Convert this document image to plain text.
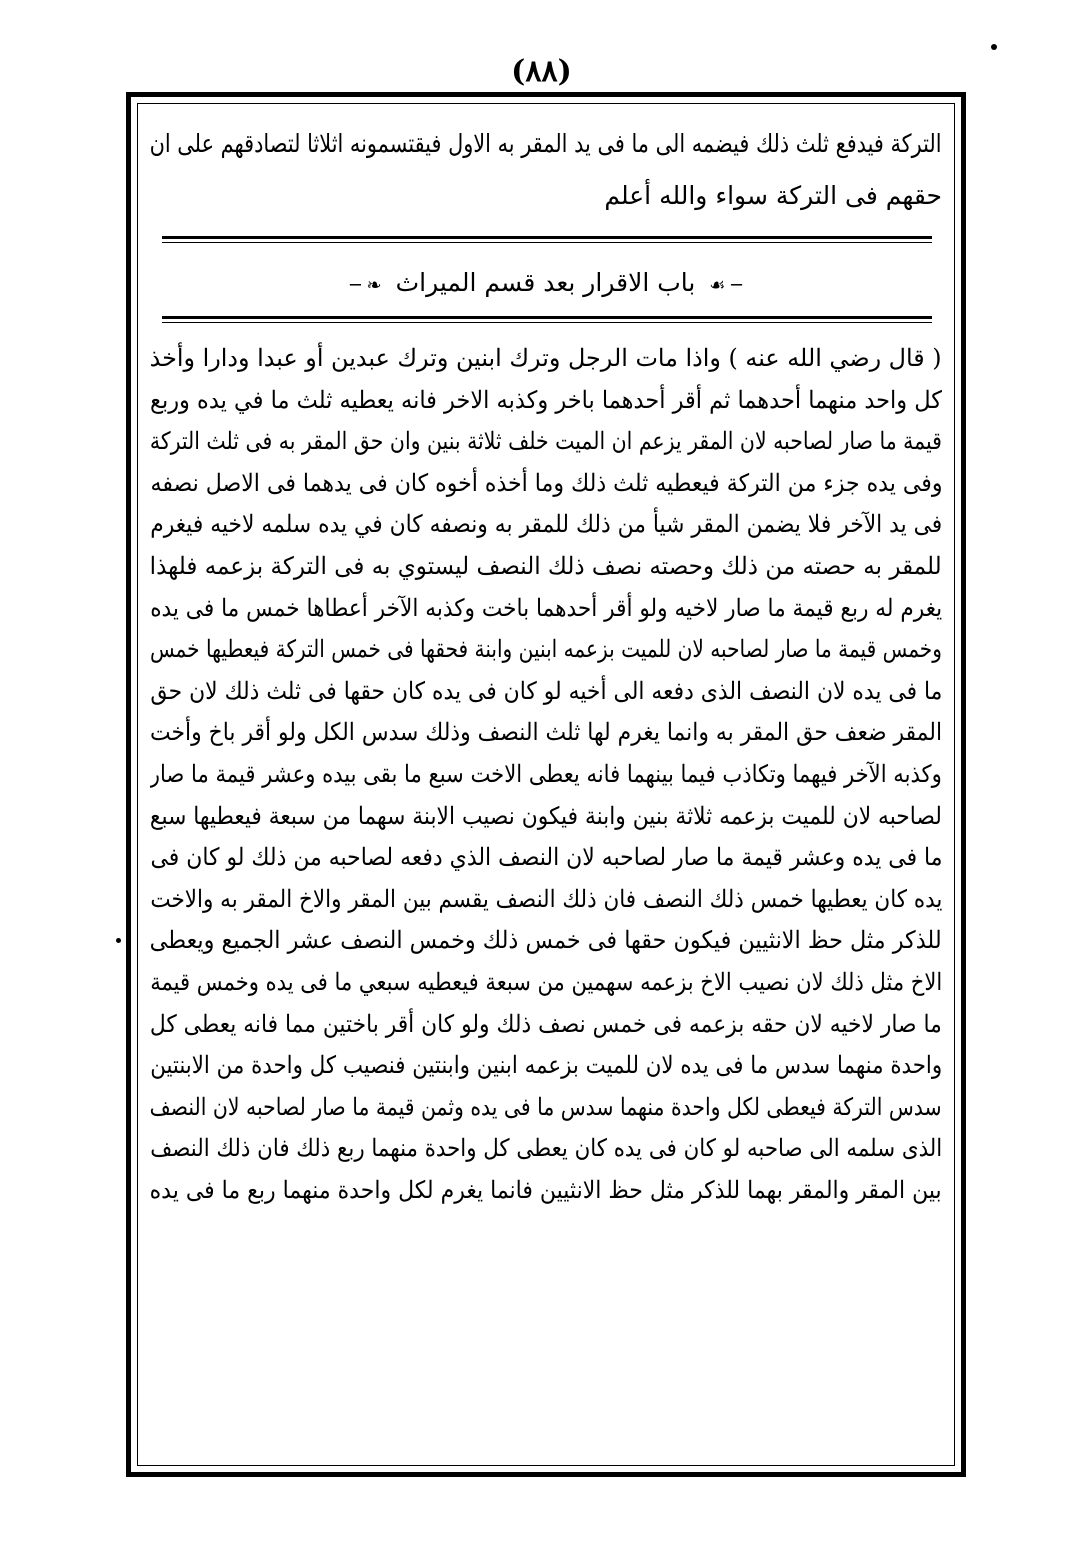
(٨٨)
التركة فيدفع ثلث ذلك فيضمه الى ما فى يد المقر به الاول فيقتسمونه اثلاثا لتصادقهم على ان
حقهم فى التركة سواء والله أعلم
─ ☙ باب الاقرار بعد قسم الميراث ❧ ─
( قال رضي الله عنه ) واذا مات الرجل وترك ابنين وترك عبدين أو عبدا ودارا وأخذ
كل واحد منهما أحدهما ثم أقر أحدهما باخر وكذبه الاخر فانه يعطيه ثلث ما في يده وربع
قيمة ما صار لصاحبه لان المقر يزعم ان الميت خلف ثلاثة بنين وان حق المقر به فى ثلث التركة
وفى يده جزء من التركة فيعطيه ثلث ذلك وما أخذه أخوه كان فى يدهما فى الاصل نصفه
فى يد الآخر فلا يضمن المقر شيأ من ذلك للمقر به ونصفه كان في يده سلمه لاخيه فيغرم
للمقر به حصته من ذلك وحصته نصف ذلك النصف ليستوي به فى التركة بزعمه فلهذا
يغرم له ربع قيمة ما صار لاخيه ولو أقر أحدهما باخت وكذبه الآخر أعطاها خمس ما فى يده
وخمس قيمة ما صار لصاحبه لان للميت بزعمه ابنين وابنة فحقها فى خمس التركة فيعطيها خمس
ما فى يده لان النصف الذى دفعه الى أخيه لو كان فى يده كان حقها فى ثلث ذلك لان حق
المقر ضعف حق المقر به وانما يغرم لها ثلث النصف وذلك سدس الكل ولو أقر باخ وأخت
وكذبه الآخر فيهما وتكاذب فيما بينهما فانه يعطى الاخت سبع ما بقى بيده وعشر قيمة ما صار
لصاحبه لان للميت بزعمه ثلاثة بنين وابنة فيكون نصيب الابنة سهما من سبعة فيعطيها سبع
ما فى يده وعشر قيمة ما صار لصاحبه لان النصف الذي دفعه لصاحبه من ذلك لو كان فى
يده كان يعطيها خمس ذلك النصف فان ذلك النصف يقسم بين المقر والاخ المقر به والاخت
للذكر مثل حظ الانثيين فيكون حقها فى خمس ذلك وخمس النصف عشر الجميع ويعطى
الاخ مثل ذلك لان نصيب الاخ بزعمه سهمين من سبعة فيعطيه سبعي ما فى يده وخمس قيمة
ما صار لاخيه لان حقه بزعمه فى خمس نصف ذلك ولو كان أقر باختين مما فانه يعطى كل
واحدة منهما سدس ما فى يده لان للميت بزعمه ابنين وابنتين فنصيب كل واحدة من الابنتين
سدس التركة فيعطى لكل واحدة منهما سدس ما فى يده وثمن قيمة ما صار لصاحبه لان النصف
الذى سلمه الى صاحبه لو كان فى يده كان يعطى كل واحدة منهما ربع ذلك فان ذلك النصف
بين المقر والمقر بهما للذكر مثل حظ الانثيين فانما يغرم لكل واحدة منهما ربع ما فى يده
